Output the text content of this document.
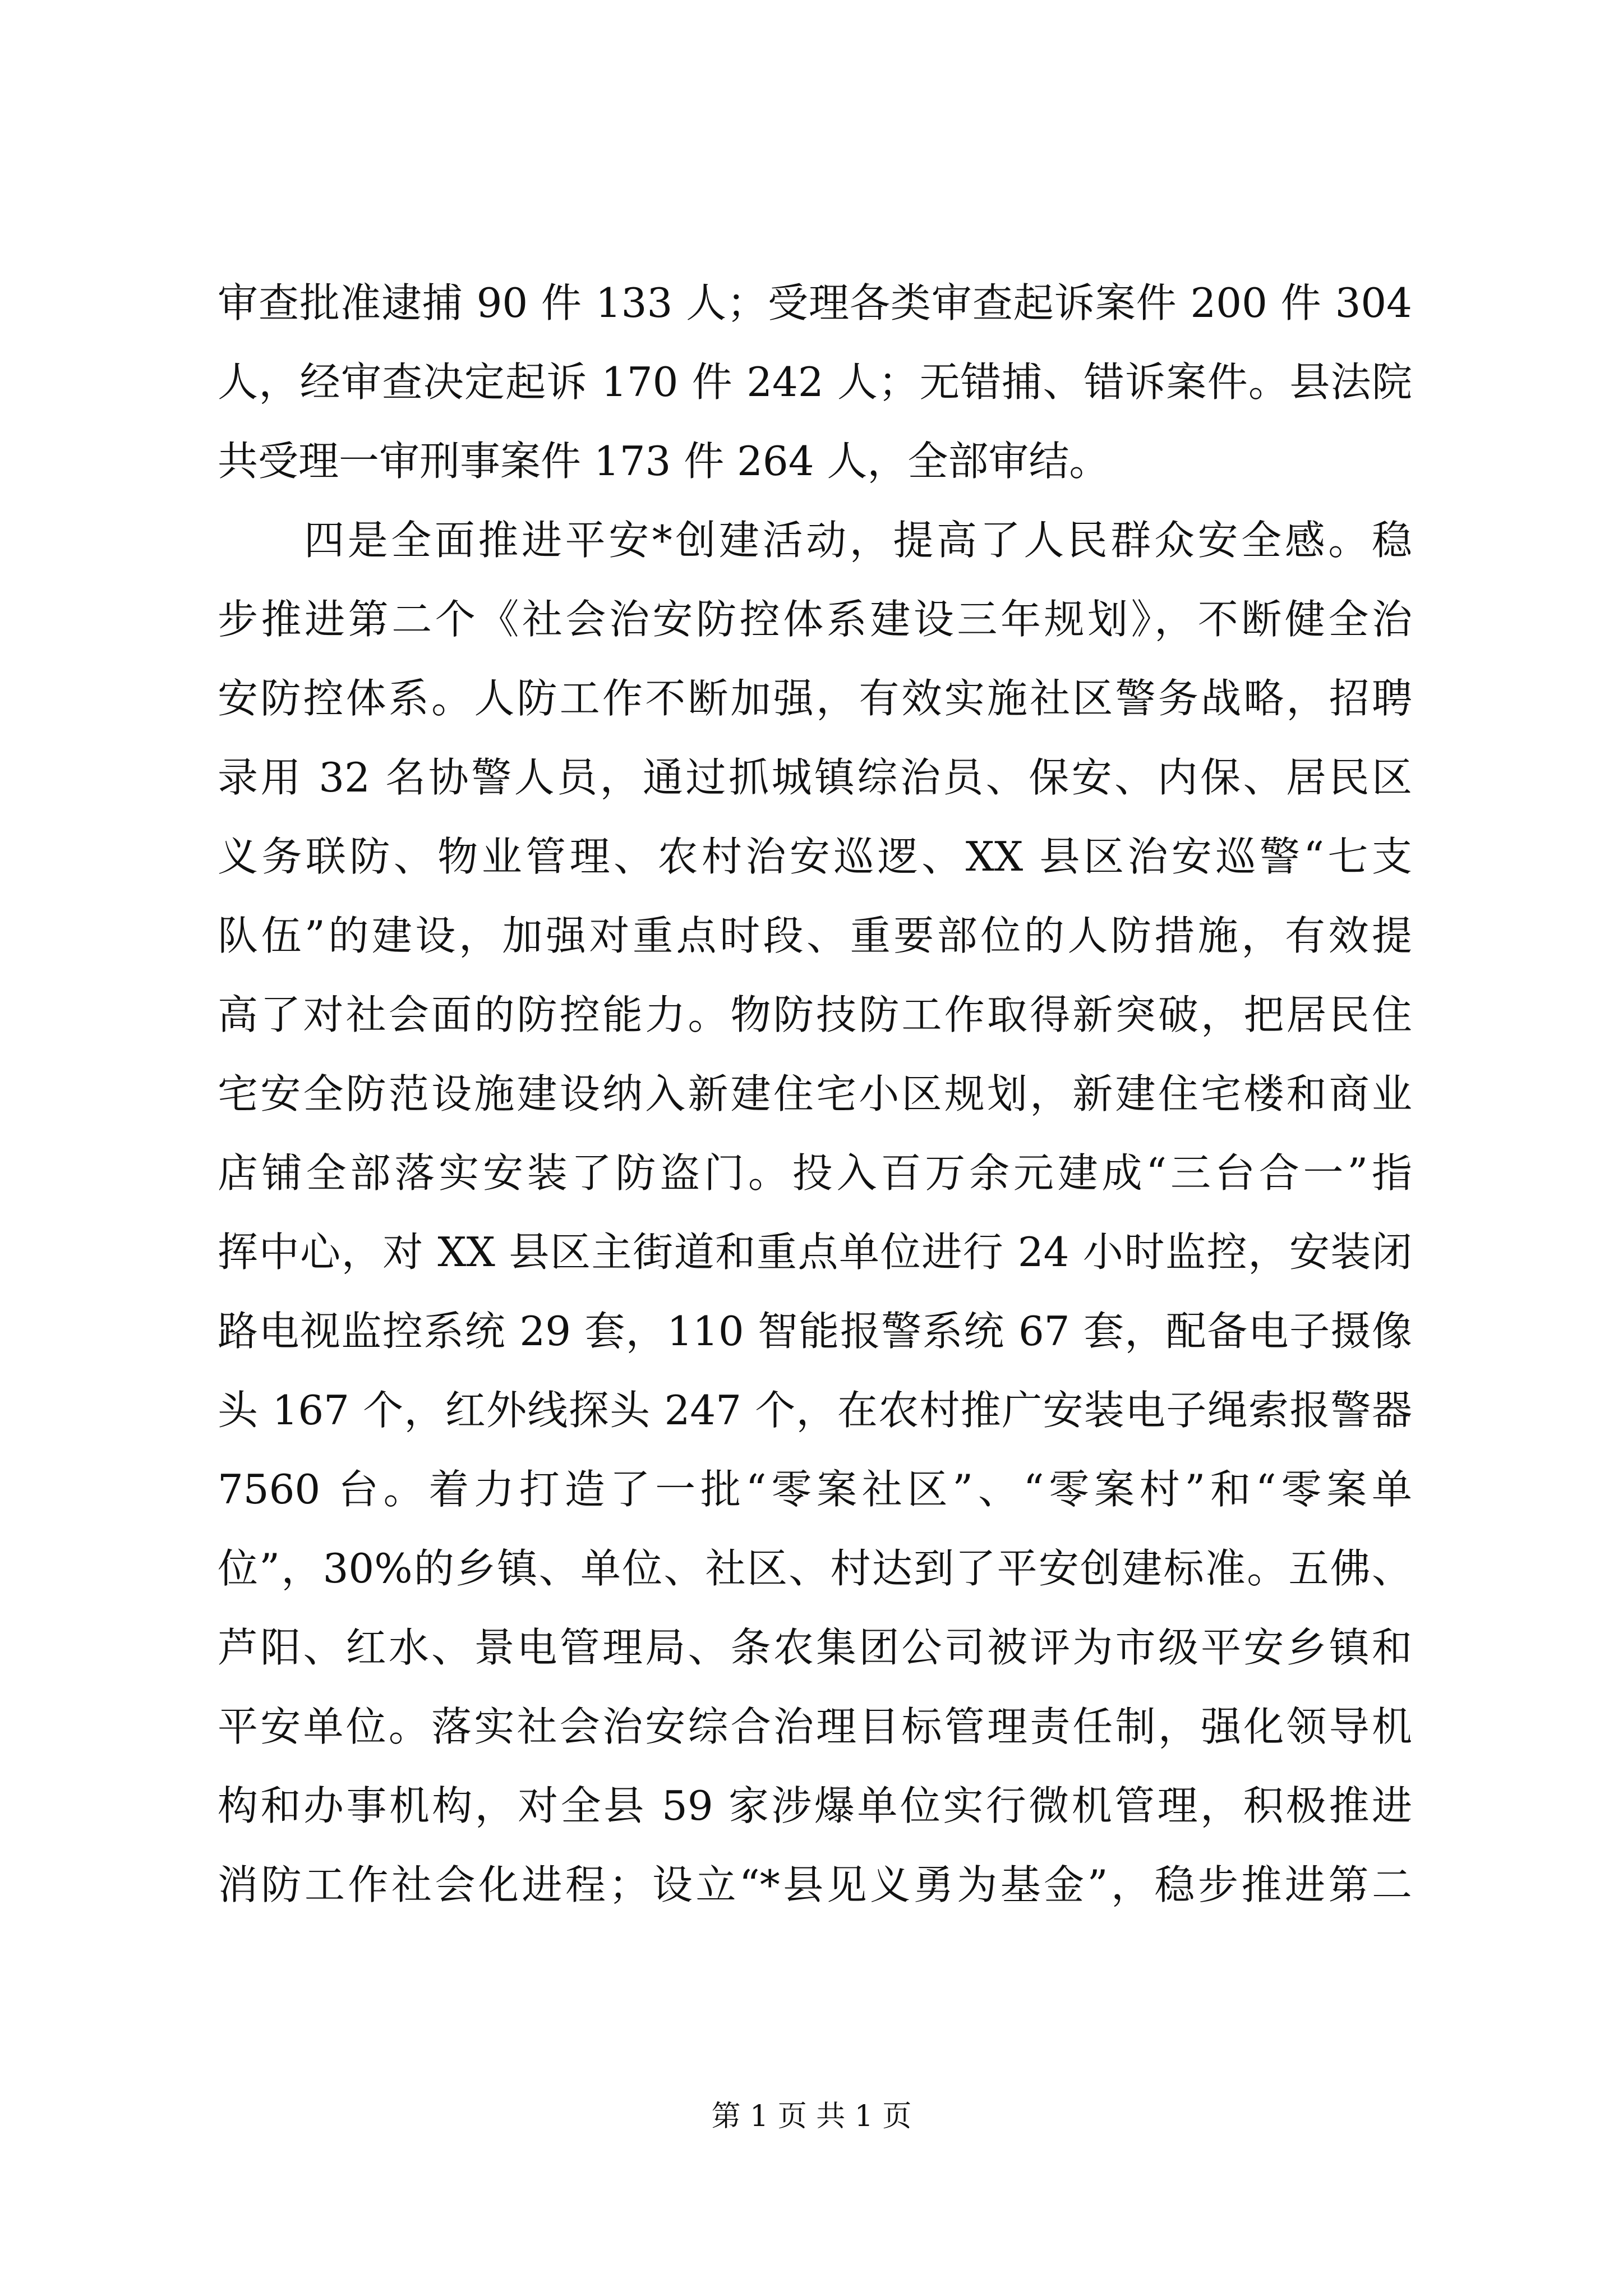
审查批准逮捕 90 件 133 人；受理各类审查起诉案件 200 件 304
人，经审查决定起诉 170 件 242 人；无错捕、错诉案件。县法院
共受理一审刑事案件 173 件 264 人，全部审结。
四是全面推进平安*创建活动，提高了人民群众安全感。稳
步推进第二个《社会治安防控体系建设三年规划》，不断健全治
安防控体系。人防工作不断加强，有效实施社区警务战略，招聘
录用 32 名协警人员，通过抓城镇综治员、保安、内保、居民区
义务联防、物业管理、农村治安巡逻、XX 县区治安巡警“七支
队伍”的建设，加强对重点时段、重要部位的人防措施，有效提
高了对社会面的防控能力。物防技防工作取得新突破，把居民住
宅安全防范设施建设纳入新建住宅小区规划，新建住宅楼和商业
店铺全部落实安装了防盗门。投入百万余元建成“三台合一”指
挥中心，对 XX 县区主街道和重点单位进行 24 小时监控，安装闭
路电视监控系统 29 套，110 智能报警系统 67 套，配备电子摄像
头 167 个，红外线探头 247 个，在农村推广安装电子绳索报警器
7560 台。着力打造了一批“零案社区”、“零案村”和“零案单
位”，30%的乡镇、单位、社区、村达到了平安创建标准。五佛、
芦阳、红水、景电管理局、条农集团公司被评为市级平安乡镇和
平安单位。落实社会治安综合治理目标管理责任制，强化领导机
构和办事机构，对全县 59 家涉爆单位实行微机管理，积极推进
消防工作社会化进程；设立“*县见义勇为基金”，稳步推进第二
第 1 页 共 1 页
